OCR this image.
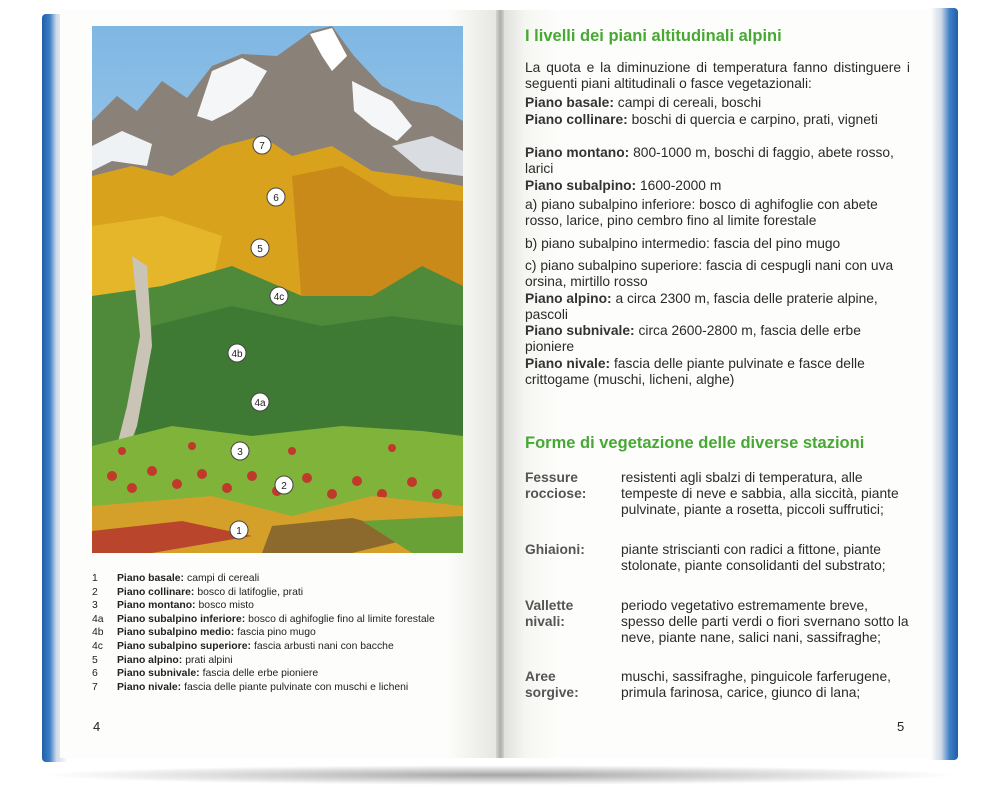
7
6
5
4c
4b
4a
3
2
1
1	Piano basale: campi di cereali
2	Piano collinare: bosco di latifoglie, prati
3	Piano montano: bosco misto
4a	Piano subalpino inferiore: bosco di aghifoglie fino al limite forestale
4b	Piano subalpino medio: fascia pino mugo
4c	Piano subalpino superiore: fascia arbusti nani con bacche
5	Piano alpino: prati alpini
6	Piano subnivale: fascia delle erbe pioniere
7	Piano nivale: fascia delle piante pulvinate con muschi e licheni
4
I livelli dei piani altitudinali alpini
La quota e la diminuzione di temperatura fanno distinguere i seguenti piani altitudinali o fasce vegetazionali:
Piano basale: campi di cereali, boschi
Piano collinare: boschi di quercia e carpino, prati, vigneti
Piano montano: 800-1000 m, boschi di faggio, abete rosso, larici
Piano subalpino: 1600-2000 m
a) piano subalpino inferiore: bosco di aghifoglie con abete rosso, larice, pino cembro fino al limite forestale
b) piano subalpino intermedio: fascia del pino mugo
c) piano subalpino superiore: fascia di cespugli nani con uva orsina, mirtillo rosso
Piano alpino: a circa 2300 m, fascia delle praterie alpine, pascoli
Piano subnivale: circa 2600-2800 m, fascia delle erbe pioniere
Piano nivale: fascia delle piante pulvinate e fasce delle crittogame (muschi, licheni, alghe)
Forme di vegetazione delle diverse stazioni
Fessure rocciose:
resistenti agli sbalzi di temperatura, alle tempeste di neve e sabbia, alla siccità, piante pulvinate, piante a rosetta, piccoli suffrutici;
Ghiaioni:	piante striscianti con radici a fittone, piante stolonate, piante consolidanti del substrato;
Vallette nivali:
periodo vegetativo estremamente breve, spesso delle parti verdi o fiori svernano sotto la neve, piante nane, salici nani, sassifraghe;
Aree sorgive:
muschi, sassifraghe, pinguicole farferugene, primula farinosa, carice, giunco di lana;
5
